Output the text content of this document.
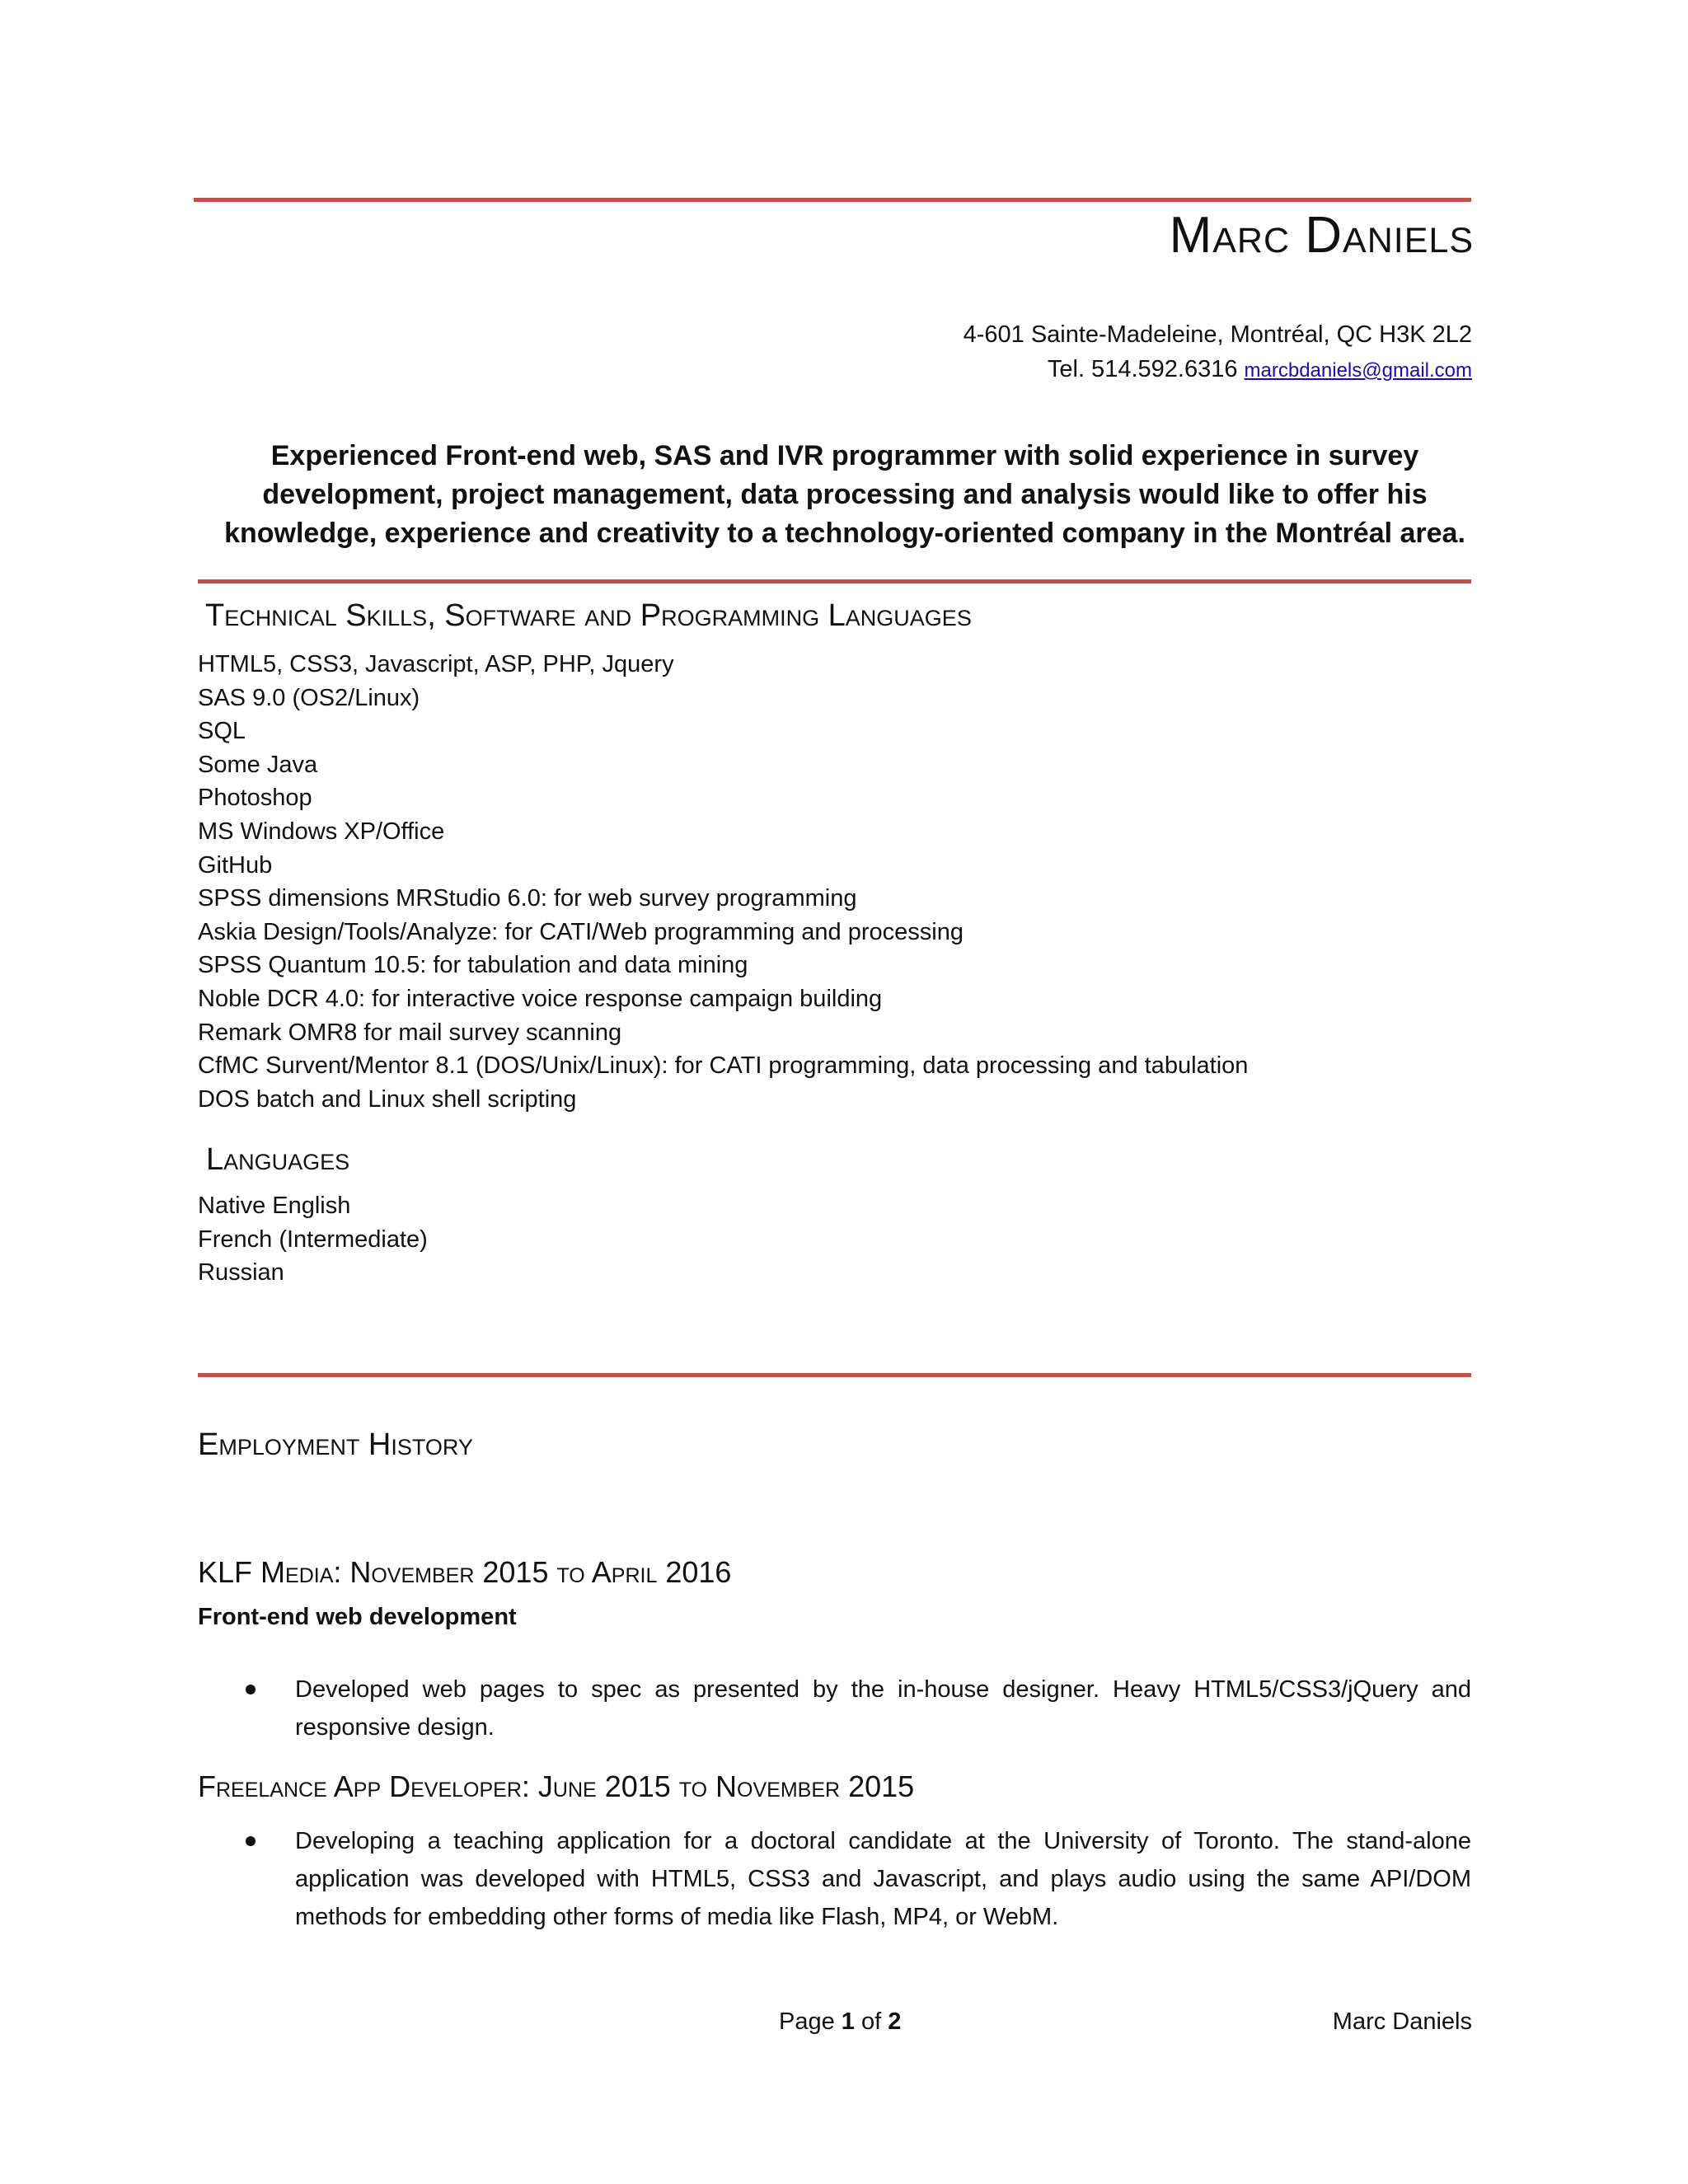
Marc Daniels
4-601 Sainte-Madeleine, Montréal, QC H3K 2L2
Tel. 514.592.6316 marcbdaniels@gmail.com
Experienced Front-end web, SAS and IVR programmer with solid experience in survey development, project management, data processing and analysis would like to offer his knowledge, experience and creativity to a technology-oriented company in the Montréal area.
Technical Skills, Software and Programming Languages
HTML5, CSS3, Javascript, ASP, PHP, Jquery
SAS 9.0 (OS2/Linux)
SQL
Some Java
Photoshop
MS Windows XP/Office
GitHub
SPSS dimensions MRStudio 6.0: for web survey programming
Askia Design/Tools/Analyze: for CATI/Web programming and processing
SPSS Quantum 10.5: for tabulation and data mining
Noble DCR 4.0: for interactive voice response campaign building
Remark OMR8 for mail survey scanning
CfMC Survent/Mentor 8.1 (DOS/Unix/Linux): for CATI programming, data processing and tabulation
DOS batch and Linux shell scripting
Languages
Native English
French (Intermediate)
Russian
Employment History
KLF Media: November 2015 to April 2016
Front-end web development
Developed web pages to spec as presented by the in-house designer. Heavy HTML5/CSS3/jQuery and responsive design.
Freelance App Developer: June 2015 to November 2015
Developing a teaching application for a doctoral candidate at the University of Toronto. The stand-alone application was developed with HTML5, CSS3 and Javascript, and plays audio using the same API/DOM methods for embedding other forms of media like Flash, MP4, or WebM.
Page 1 of 2	Marc Daniels
